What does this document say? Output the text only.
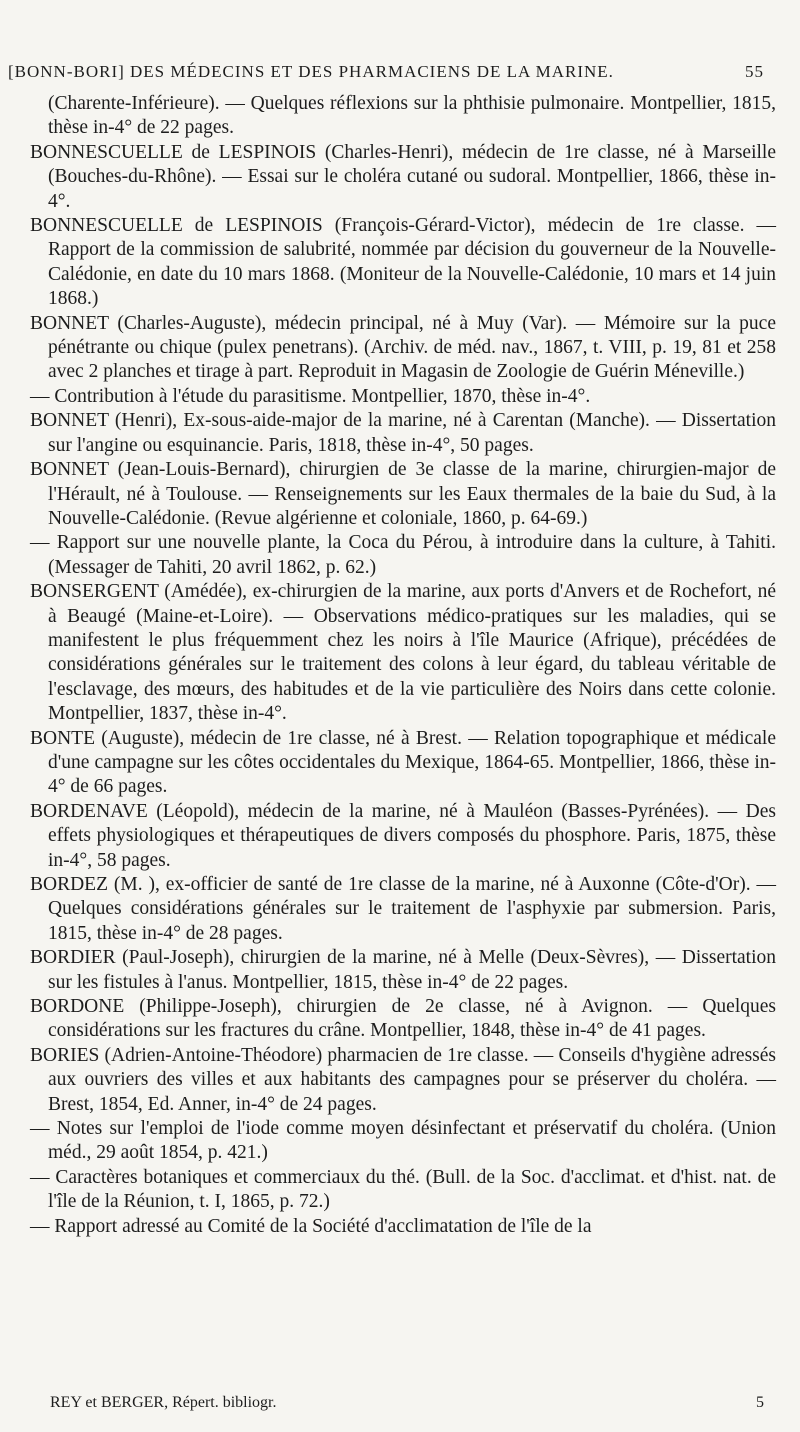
[BONN-BORI] DES MÉDECINS ET DES PHARMACIENS DE LA MARINE.	55

(Charente-Inférieure). — Quelques réflexions sur la phthisie pulmonaire. Montpellier, 1815, thèse in-4° de 22 pages.

BONNESCUELLE de LESPINOIS (Charles-Henri), médecin de 1re classe, né à Marseille (Bouches-du-Rhône). — Essai sur le choléra cutané ou sudoral. Montpellier, 1866, thèse in-4°.

BONNESCUELLE de LESPINOIS (François-Gérard-Victor), médecin de 1re classe. — Rapport de la commission de salubrité, nommée par décision du gouverneur de la Nouvelle-Calédonie, en date du 10 mars 1868. (Moniteur de la Nouvelle-Calédonie, 10 mars et 14 juin 1868.)

BONNET (Charles-Auguste), médecin principal, né à Muy (Var). — Mémoire sur la puce pénétrante ou chique (pulex penetrans). (Archiv. de méd. nav., 1867, t. VIII, p. 19, 81 et 258 avec 2 planches et tirage à part. Reproduit in Magasin de Zoologie de Guérin Méneville.)

— Contribution à l'étude du parasitisme. Montpellier, 1870, thèse in-4°.

BONNET (Henri), Ex-sous-aide-major de la marine, né à Carentan (Manche). — Dissertation sur l'angine ou esquinancie. Paris, 1818, thèse in-4°, 50 pages.

BONNET (Jean-Louis-Bernard), chirurgien de 3e classe de la marine, chirurgien-major de l'Hérault, né à Toulouse. — Renseignements sur les Eaux thermales de la baie du Sud, à la Nouvelle-Calédonie. (Revue algérienne et coloniale, 1860, p. 64-69.)

— Rapport sur une nouvelle plante, la Coca du Pérou, à introduire dans la culture, à Tahiti. (Messager de Tahiti, 20 avril 1862, p. 62.)

BONSERGENT (Amédée), ex-chirurgien de la marine, aux ports d'Anvers et de Rochefort, né à Beaugé (Maine-et-Loire). — Observations médico-pratiques sur les maladies, qui se manifestent le plus fréquemment chez les noirs à l'île Maurice (Afrique), précédées de considérations générales sur le traitement des colons à leur égard, du tableau véritable de l'esclavage, des mœurs, des habitudes et de la vie particulière des Noirs dans cette colonie. Montpellier, 1837, thèse in-4°.

BONTE (Auguste), médecin de 1re classe, né à Brest. — Relation topographique et médicale d'une campagne sur les côtes occidentales du Mexique, 1864-65. Montpellier, 1866, thèse in-4° de 66 pages.

BORDENAVE (Léopold), médecin de la marine, né à Mauléon (Basses-Pyrénées). — Des effets physiologiques et thérapeutiques de divers composés du phosphore. Paris, 1875, thèse in-4°, 58 pages.

BORDEZ (M. ), ex-officier de santé de 1re classe de la marine, né à Auxonne (Côte-d'Or). — Quelques considérations générales sur le traitement de l'asphyxie par submersion. Paris, 1815, thèse in-4° de 28 pages.

BORDIER (Paul-Joseph), chirurgien de la marine, né à Melle (Deux-Sèvres), — Dissertation sur les fistules à l'anus. Montpellier, 1815, thèse in-4° de 22 pages.

BORDONE (Philippe-Joseph), chirurgien de 2e classe, né à Avignon. — Quelques considérations sur les fractures du crâne. Montpellier, 1848, thèse in-4° de 41 pages.

BORIES (Adrien-Antoine-Théodore) pharmacien de 1re classe. — Conseils d'hygiène adressés aux ouvriers des villes et aux habitants des campagnes pour se préserver du choléra. — Brest, 1854, Ed. Anner, in-4° de 24 pages.

— Notes sur l'emploi de l'iode comme moyen désinfectant et préservatif du choléra. (Union méd., 29 août 1854, p. 421.)

— Caractères botaniques et commerciaux du thé. (Bull. de la Soc. d'acclimat. et d'hist. nat. de l'île de la Réunion, t. I, 1865, p. 72.)

— Rapport adressé au Comité de la Société d'acclimatation de l'île de la

REY et BERGER, Répert. bibliogr.	5
